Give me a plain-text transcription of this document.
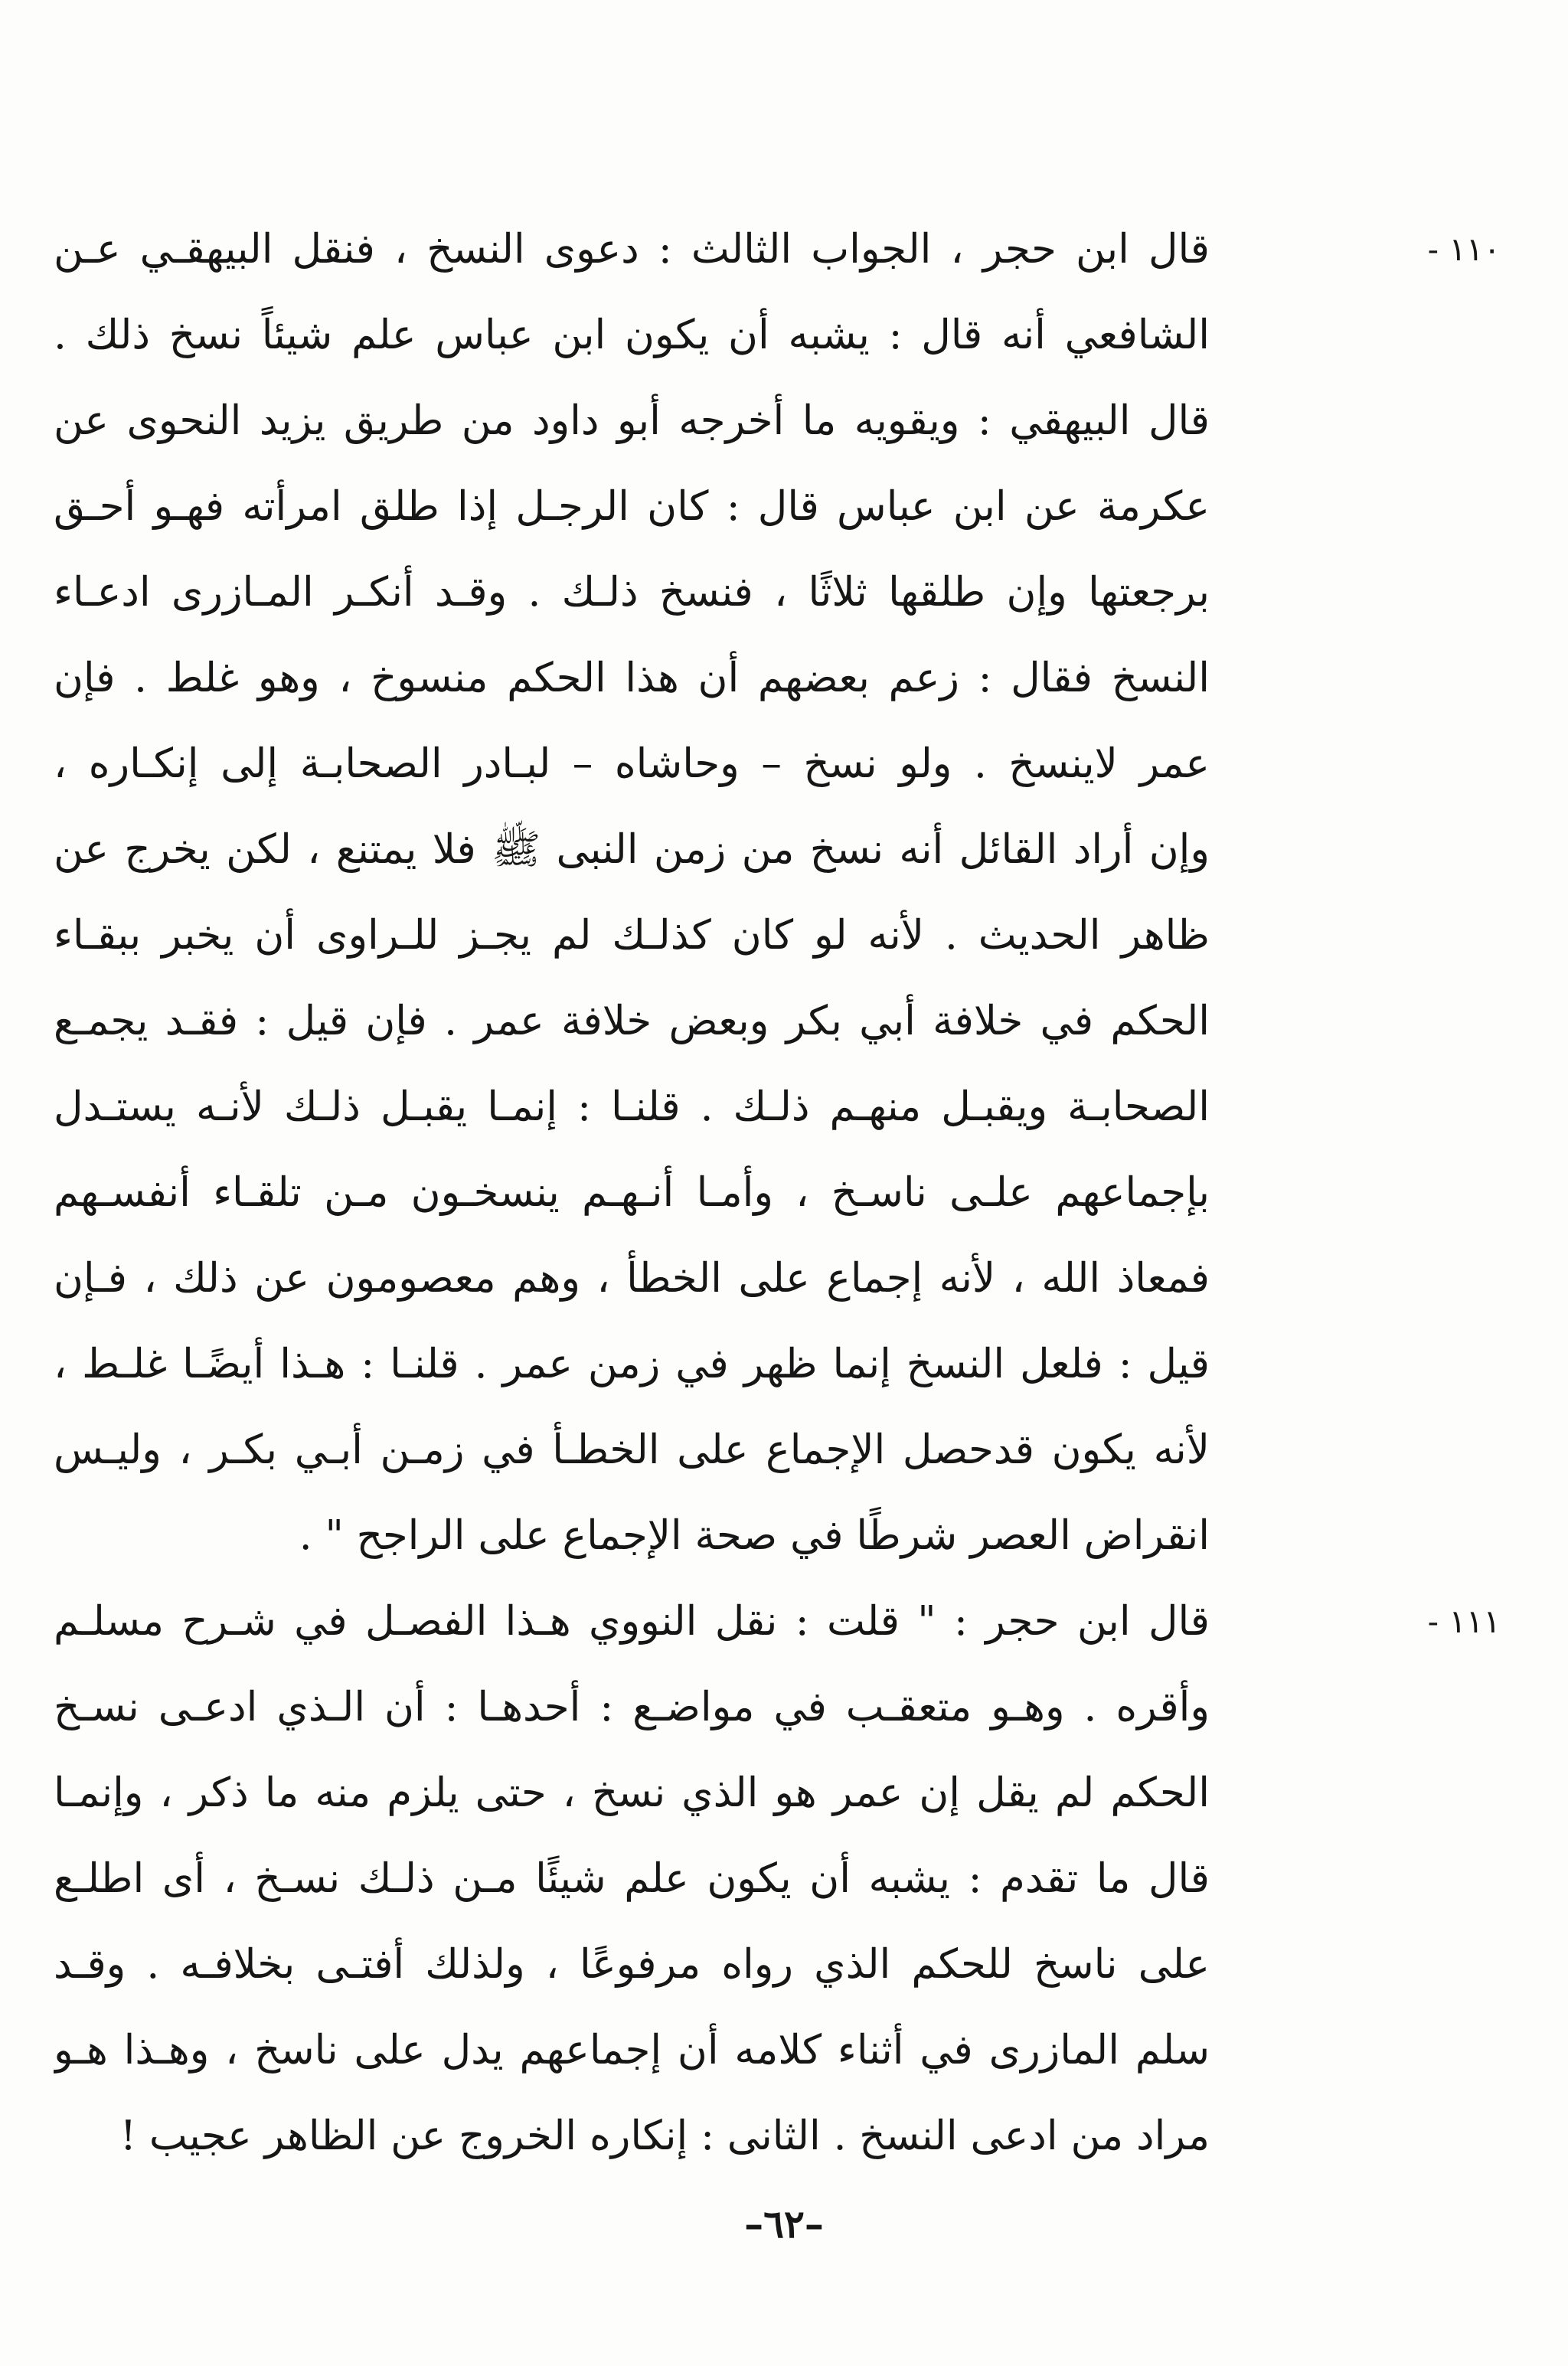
١١٠ -
قال ابن حجر ، الجواب الثالث : دعوى النسخ ، فنقل البيهقـي عـن
الشافعي أنه قال : يشبه أن يكون ابن عباس علم شيئاً نسخ ذلك .
قال البيهقي : ويقويه ما أخرجه أبو داود من طريق يزيد النحوى عن
عكرمة عن ابن عباس قال : كان الرجـل إذا طلق امرأته فهـو أحـق
برجعتها وإن طلقها ثلاثًا ، فنسخ ذلـك . وقـد أنكـر المـازرى ادعـاء
النسخ فقال : زعم بعضهم أن هذا الحكم منسوخ ، وهو غلط . فإن
عمر لاينسخ . ولو نسخ – وحاشاه – لبـادر الصحابـة إلى إنكـاره ،
وإن أراد القائل أنه نسخ من زمن النبى ﷺ فلا يمتنع ، لكن يخرج عن
ظاهر الحديث . لأنه لو كان كذلـك لم يجـز للـراوى أن يخبر ببقـاء
الحكم في خلافة أبي بكر وبعض خلافة عمر . فإن قيل : فقـد يجمـع
الصحابـة ويقبـل منهـم ذلـك . قلنـا : إنمـا يقبـل ذلـك لأنـه يستـدل
بإجماعهم علـى ناسـخ ، وأمـا أنـهـم ينسخـون مـن تلقـاء أنفسـهم
فمعاذ الله ، لأنه إجماع على الخطأ ، وهم معصومون عن ذلك ، فـإن
قيل : فلعل النسخ إنما ظهر في زمن عمر . قلنـا : هـذا أيضًـا غلـط ،
لأنه يكون قدحصل الإجماع على الخطـأ في زمـن أبـي بكـر ، وليـس
انقراض العصر شرطًا في صحة الإجماع على الراجح " .
١١١ -
قال ابن حجر : " قلت : نقل النووي هـذا الفصـل في شـرح مسلـم
وأقره . وهـو متعقـب في مواضـع : أحدهـا : أن الـذي ادعـى نسـخ
الحكم لم يقل إن عمر هو الذي نسخ ، حتى يلزم منه ما ذكر ، وإنمـا
قال ما تقدم : يشبه أن يكون علم شيئًا مـن ذلـك نسـخ ، أى اطلـع
على ناسخ للحكم الذي رواه مرفوعًا ، ولذلك أفتـى بخلافـه . وقـد
سلم المازرى في أثناء كلامه أن إجماعهم يدل على ناسخ ، وهـذا هـو
مراد من ادعى النسخ . الثانى : إنكاره الخروج عن الظاهر عجيب !
–٦٢–
